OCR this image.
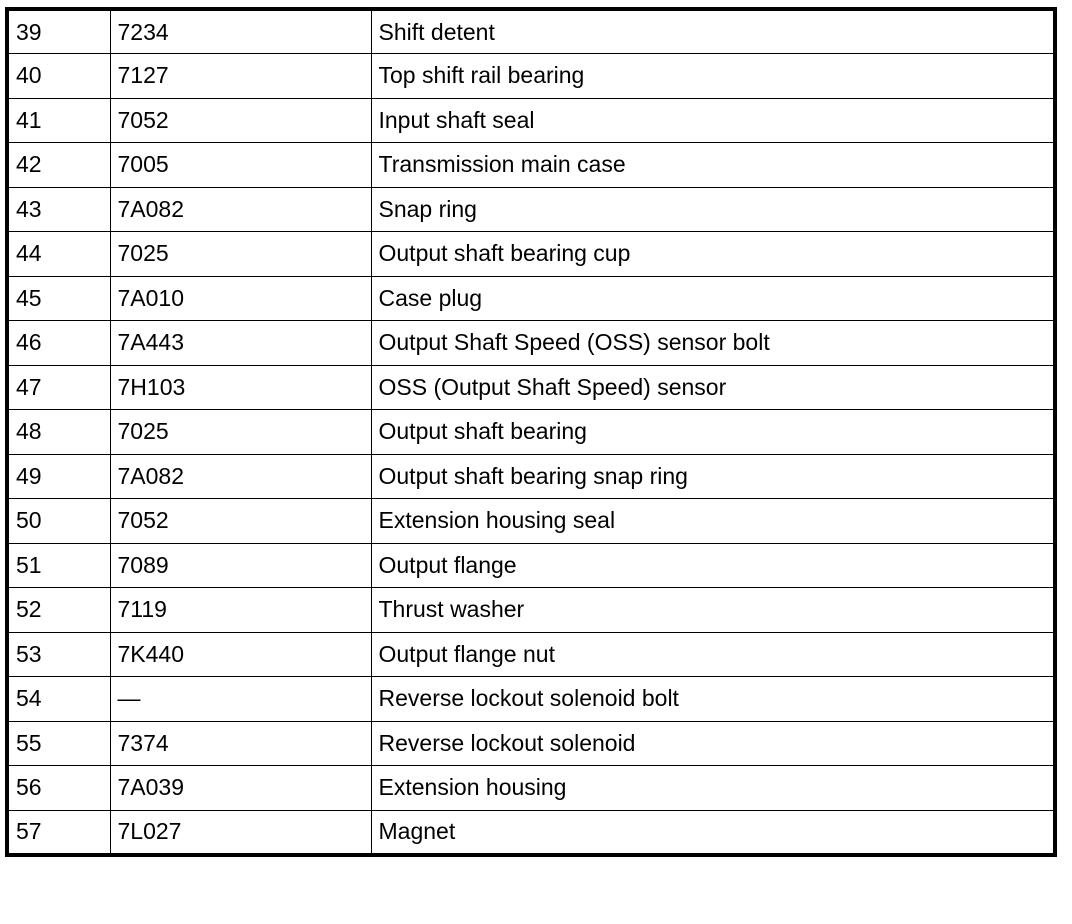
39	7234	Shift detent
40	7127	Top shift rail bearing
41	7052	Input shaft seal
42	7005	Transmission main case
43	7A082	Snap ring
44	7025	Output shaft bearing cup
45	7A010	Case plug
46	7A443	Output Shaft Speed (OSS) sensor bolt
47	7H103	OSS (Output Shaft Speed) sensor
48	7025	Output shaft bearing
49	7A082	Output shaft bearing snap ring
50	7052	Extension housing seal
51	7089	Output flange
52	7119	Thrust washer
53	7K440	Output flange nut
54	—	Reverse lockout solenoid bolt
55	7374	Reverse lockout solenoid
56	7A039	Extension housing
57	7L027	Magnet
